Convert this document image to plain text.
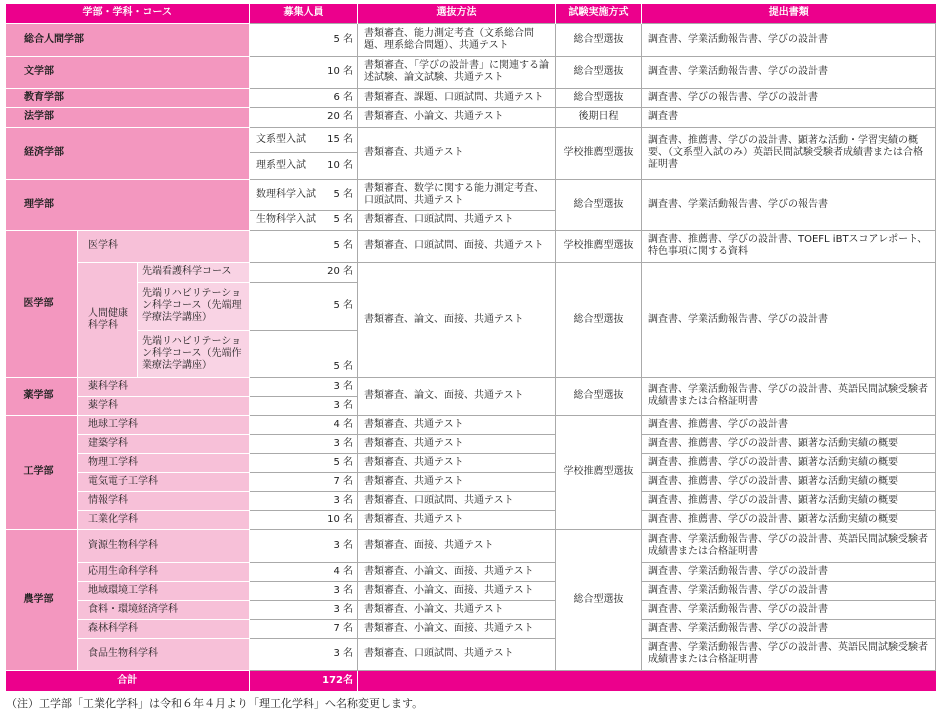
学部・学科・コース			募集人員	選抜方法	試験実施方式	提出書類
総合人間学部			5 名	書類審査、能力測定考査（文系総合問題、理系総合問題）、共通テスト	総合型選抜	調査書、学業活動報告書、学びの設計書
文学部			10 名	書類審査、「学びの設計書」に関連する論述試験、論文試験、共通テスト	総合型選抜	調査書、学業活動報告書、学びの設計書
教育学部			6 名	書類審査、課題、口頭試問、共通テスト	総合型選抜	調査書、学びの報告書、学びの設計書
法学部			20 名	書類審査、小論文、共通テスト	後期日程	調査書
経済学部			文系型入試 15 名	書類審査、共通テスト	学校推薦型選抜	調査書、推薦書、学びの設計書、顕著な活動・学習実績の概要、（文系型入試のみ）英語民間試験受験者成績書または合格証明書

			理系型入試 10 名			

理学部			数理科学入試 5 名	書類審査、数学に関する能力測定考査、口頭試問、共通テスト	総合型選抜	調査書、学業活動報告書、学びの報告書

			生物科学入試 5 名	書類審査、口頭試問、共通テスト		
医学部	医学科		5 名	書類審査、口頭試問、面接、共通テスト	学校推薦型選抜	調査書、推薦書、学びの設計書、TOEFL iBTスコアレポート、特色事項に関する資料
	人間健康科学科	先端看護科学コース	20 名	書類審査、論文、面接、共通テスト	総合型選抜	調査書、学業活動報告書、学びの設計書
		先端リハビリテーション科学コース（先端理学療法学講座）	5 名			
		先端リハビリテーション科学コース（先端作業療法学講座）	5 名			
薬学部	薬科学科		3 名	書類審査、論文、面接、共通テスト	総合型選抜	調査書、学業活動報告書、学びの設計書、英語民間試験受験者成績書または合格証明書
	薬学科		3 名			
工学部	地球工学科		4 名	書類審査、共通テスト	学校推薦型選抜	調査書、推薦書、学びの設計書
	建築学科		3 名	書類審査、共通テスト		調査書、推薦書、学びの設計書、顕著な活動実績の概要
	物理工学科		5 名	書類審査、共通テスト		調査書、推薦書、学びの設計書、顕著な活動実績の概要
	電気電子工学科		7 名	書類審査、共通テスト		調査書、推薦書、学びの設計書、顕著な活動実績の概要
	情報学科		3 名	書類審査、口頭試問、共通テスト		調査書、推薦書、学びの設計書、顕著な活動実績の概要
	工業化学科		10 名	書類審査、共通テスト		調査書、推薦書、学びの設計書、顕著な活動実績の概要
農学部	資源生物科学科		3 名	書類審査、面接、共通テスト	総合型選抜	調査書、学業活動報告書、学びの設計書、英語民間試験受験者成績書または合格証明書
	応用生命科学科		4 名	書類審査、小論文、面接、共通テスト		調査書、学業活動報告書、学びの設計書
	地域環境工学科		3 名	書類審査、小論文、面接、共通テスト		調査書、学業活動報告書、学びの設計書
	食料・環境経済学科		3 名	書類審査、小論文、共通テスト		調査書、学業活動報告書、学びの設計書
	森林科学科		7 名	書類審査、小論文、面接、共通テスト		調査書、学業活動報告書、学びの設計書
	食品生物科学科		3 名	書類審査、口頭試問、共通テスト		調査書、学業活動報告書、学びの設計書、英語民間試験受験者成績書または合格証明書
合計			172名			
（注）工学部「工業化学科」は令和６年４月より「理工化学科」へ名称変更します。
